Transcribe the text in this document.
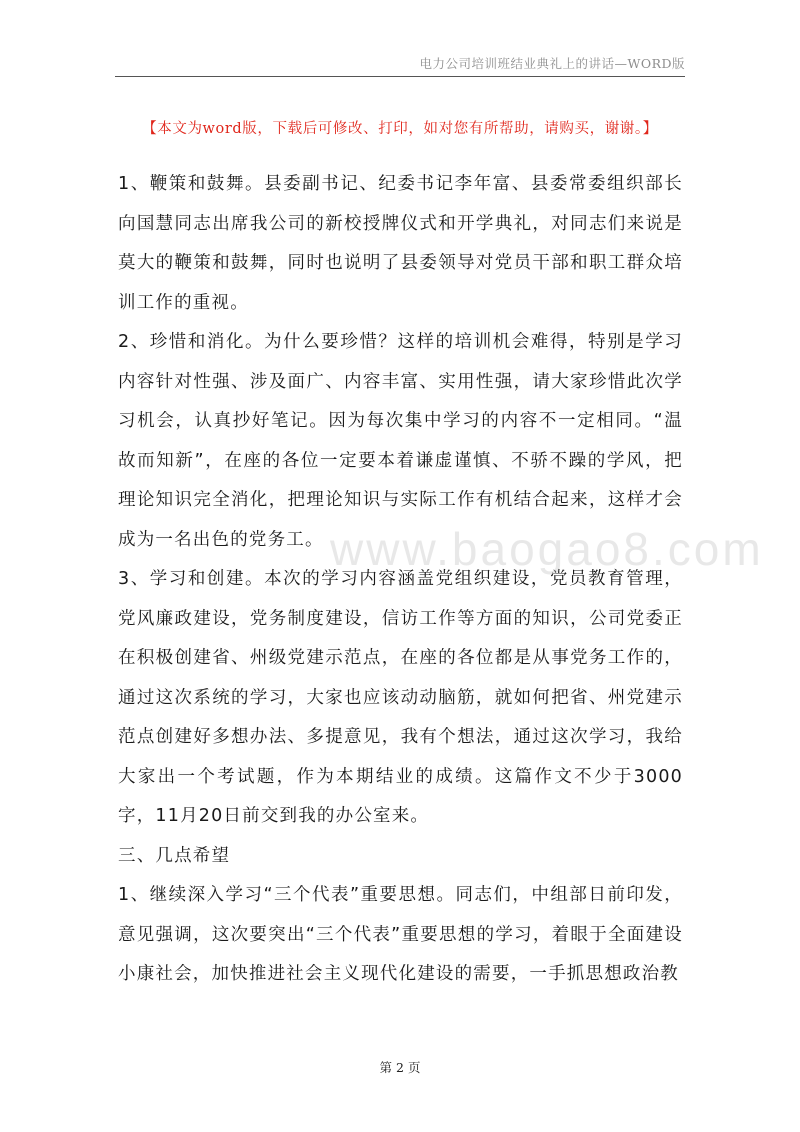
电力公司培训班结业典礼上的讲话—WORD版
【本文为word版，下载后可修改、打印，如对您有所帮助，请购买，谢谢。】

1、鞭策和鼓舞。县委副书记、纪委书记李年富、县委常委组织部长向国慧同志出席我公司的新校授牌仪式和开学典礼，对同志们来说是莫大的鞭策和鼓舞，同时也说明了县委领导对党员干部和职工群众培训工作的重视。

2、珍惜和消化。为什么要珍惜？这样的培训机会难得，特别是学习内容针对性强、涉及面广、内容丰富、实用性强，请大家珍惜此次学习机会，认真抄好笔记。因为每次集中学习的内容不一定相同。“温故而知新”，在座的各位一定要本着谦虚谨慎、不骄不躁的学风，把理论知识完全消化，把理论知识与实际工作有机结合起来，这样才会成为一名出色的党务工。

3、学习和创建。本次的学习内容涵盖党组织建设，党员教育管理，党风廉政建设，党务制度建设，信访工作等方面的知识，公司党委正在积极创建省、州级党建示范点，在座的各位都是从事党务工作的，通过这次系统的学习，大家也应该动动脑筋，就如何把省、州党建示范点创建好多想办法、多提意见，我有个想法，通过这次学习，我给大家出一个考试题，作为本期结业的成绩。这篇作文不少于3000字，11月20日前交到我的办公室来。

三、几点希望

1、继续深入学习“三个代表”重要思想。同志们，中组部日前印发，意见强调，这次要突出“三个代表”重要思想的学习，着眼于全面建设小康社会，加快推进社会主义现代化建设的需要，一手抓思想政治教

www.baogao8.com
第 2 页
